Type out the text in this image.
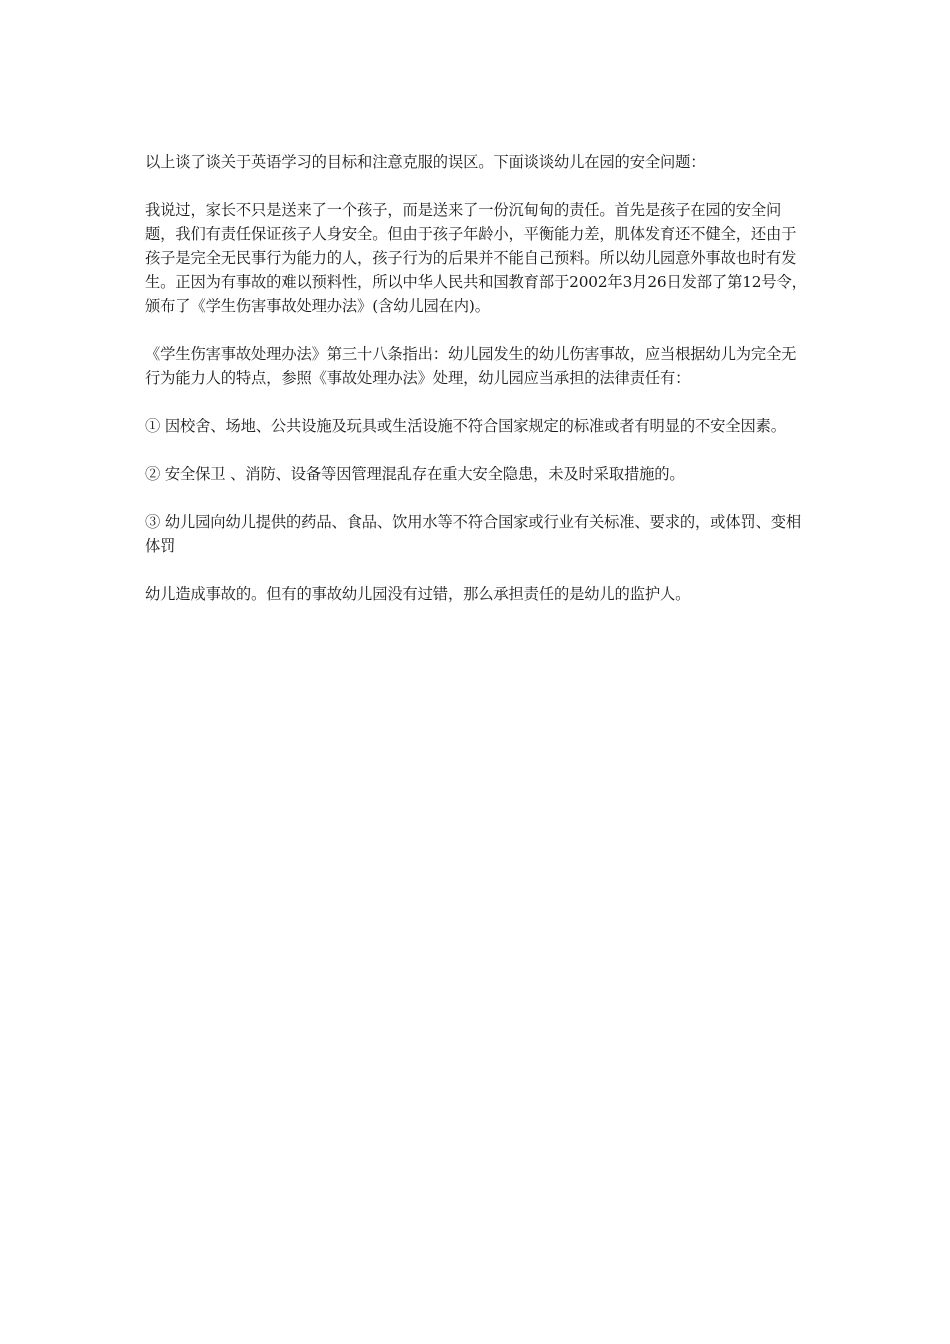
以上谈了谈关于英语学习的目标和注意克服的误区。下面谈谈幼儿在园的安全问题：

我说过，家长不只是送来了一个孩子，而是送来了一份沉甸甸的责任。首先是孩子在园的安全问题，我们有责任保证孩子人身安全。但由于孩子年龄小，平衡能力差，肌体发育还不健全，还由于孩子是完全无民事行为能力的人，孩子行为的后果并不能自己预料。所以幼儿园意外事故也时有发生。正因为有事故的难以预料性，所以中华人民共和国教育部于2002年3月26日发部了第12号令，颁布了《学生伤害事故处理办法》(含幼儿园在内)。

《学生伤害事故处理办法》第三十八条指出：幼儿园发生的幼儿伤害事故，应当根据幼儿为完全无行为能力人的特点，参照《事故处理办法》处理，幼儿园应当承担的法律责任有：

① 因校舍、场地、公共设施及玩具或生活设施不符合国家规定的标准或者有明显的不安全因素。

② 安全保卫 、消防、设备等因管理混乱存在重大安全隐患，未及时采取措施的。

③ 幼儿园向幼儿提供的药品、食品、饮用水等不符合国家或行业有关标准、要求的，或体罚、变相体罚

幼儿造成事故的。但有的事故幼儿园没有过错，那么承担责任的是幼儿的监护人。
